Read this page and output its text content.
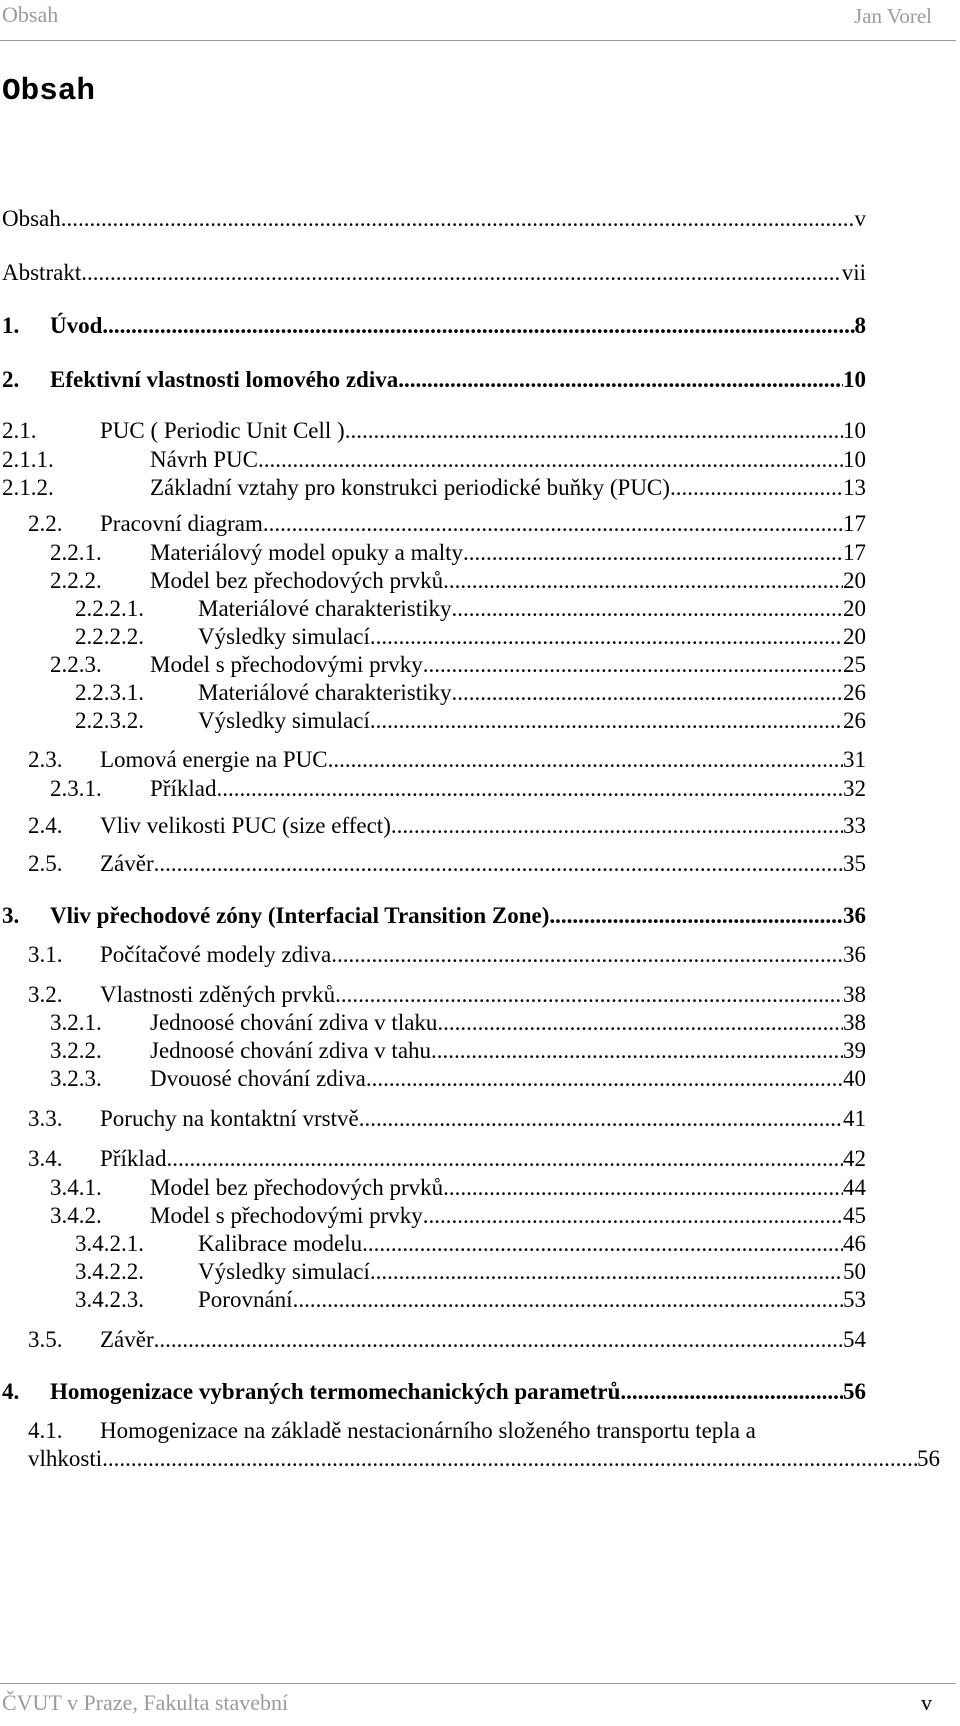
Obsah	Jan Vorel
Obsah
Obsah .....	v
Abstrakt .....	vii
1. Úvod .....	8
2. Efektivní vlastnosti lomového zdiva .....	10
2.1.	PUC ( Periodic Unit Cell ) .....	10
2.1.1.	Návrh PUC .....	10
2.1.2.	Základní vztahy pro konstrukci periodické buňky (PUC) .....	13
2.2. Pracovní diagram .....	17
2.2.1. Materiálový model opuky a malty .....	17
2.2.2. Model bez přechodových prvků .....	20
2.2.2.1. Materiálové charakteristiky .....	20
2.2.2.2. Výsledky simulací .....	20
2.2.3. Model s přechodovými prvky .....	25
2.2.3.1. Materiálové charakteristiky .....	26
2.2.3.2. Výsledky simulací .....	26
2.3. Lomová energie na PUC .....	31
2.3.1. Příklad .....	32
2.4. Vliv velikosti PUC (size effect) .....	33
2.5. Závěr .....	35
3. Vliv přechodové zóny (Interfacial Transition Zone) .....	36
3.1. Počítačové modely zdiva .....	36
3.2. Vlastnosti zděných prvků .....	38
3.2.1. Jednoosé chování zdiva v tlaku .....	38
3.2.2. Jednoosé chování zdiva v tahu .....	39
3.2.3. Dvouosé chování zdiva .....	40
3.3. Poruchy na kontaktní vrstvě .....	41
3.4. Příklad .....	42
3.4.1. Model bez přechodových prvků .....	44
3.4.2. Model s přechodovými prvky .....	45
3.4.2.1. Kalibrace modelu .....	46
3.4.2.2. Výsledky simulací .....	50
3.4.2.3. Porovnání .....	53
3.5. Závěr .....	54
4. Homogenizace vybraných termomechanických parametrů .....	56
4.1. Homogenizace na základě nestacionárního složeného transportu tepla a
vlhkosti .....	56
ČVUT v Praze, Fakulta stavební	v
